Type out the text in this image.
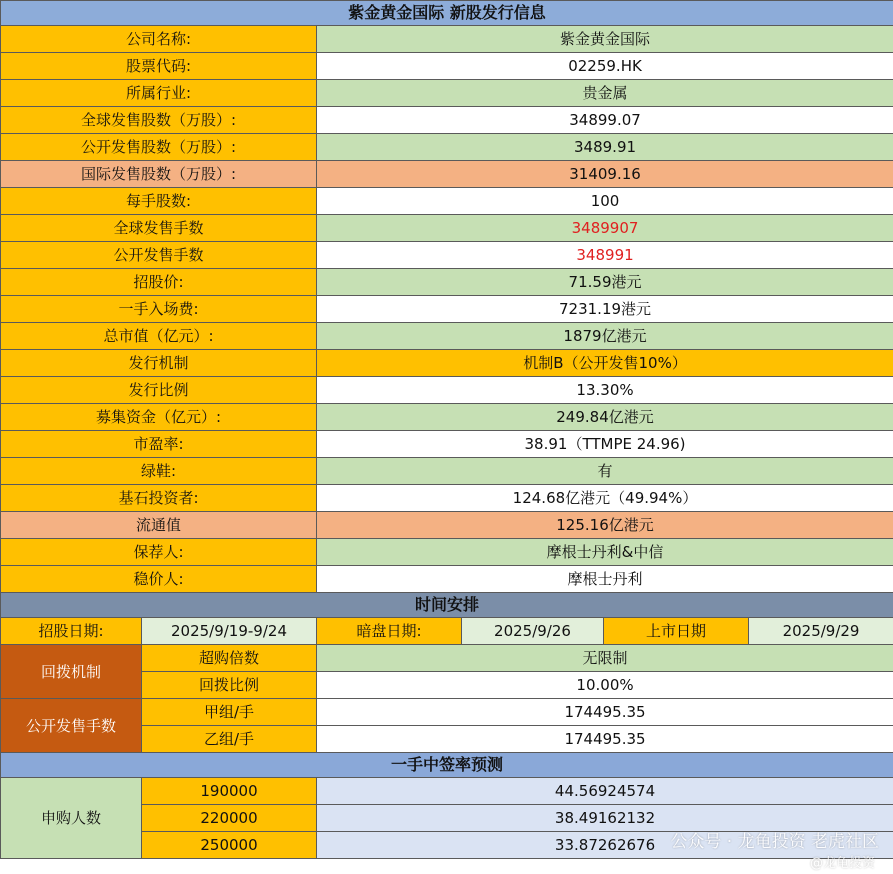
紫金黄金国际 新股发行信息					
公司名称:		紫金黄金国际			
股票代码:		02259.HK			
所属行业:		贵金属			
全球发售股数（万股）:		34899.07			
公开发售股数（万股）:		3489.91			
国际发售股数（万股）:		31409.16			
每手股数:		100			
全球发售手数		3489907			
公开发售手数		348991			
招股价:		71.59港元			
一手入场费:		7231.19港元			
总市值（亿元）:		1879亿港元			
发行机制		机制B（公开发售10%）			
发行比例		13.30%			
募集资金（亿元）:		249.84亿港元			
市盈率:		38.91（TTMPE 24.96)			
绿鞋:		有			
基石投资者:		124.68亿港元（49.94%）			
流通值		125.16亿港元			
保荐人:		摩根士丹利&中信			
稳价人:		摩根士丹利			
时间安排					
招股日期:	2025/9/19-9/24	暗盘日期:	2025/9/26	上市日期	2025/9/29
回拨机制	超购倍数	无限制			
	回拨比例	10.00%			
公开发售手数	甲组/手	174495.35			
	乙组/手	174495.35			
一手中签率预测					
申购人数	190000	44.56924574			
	220000	38.49162132			
	250000	33.87262676			公众号 · 龙龟投资 老虎社区
@龙龟投资
